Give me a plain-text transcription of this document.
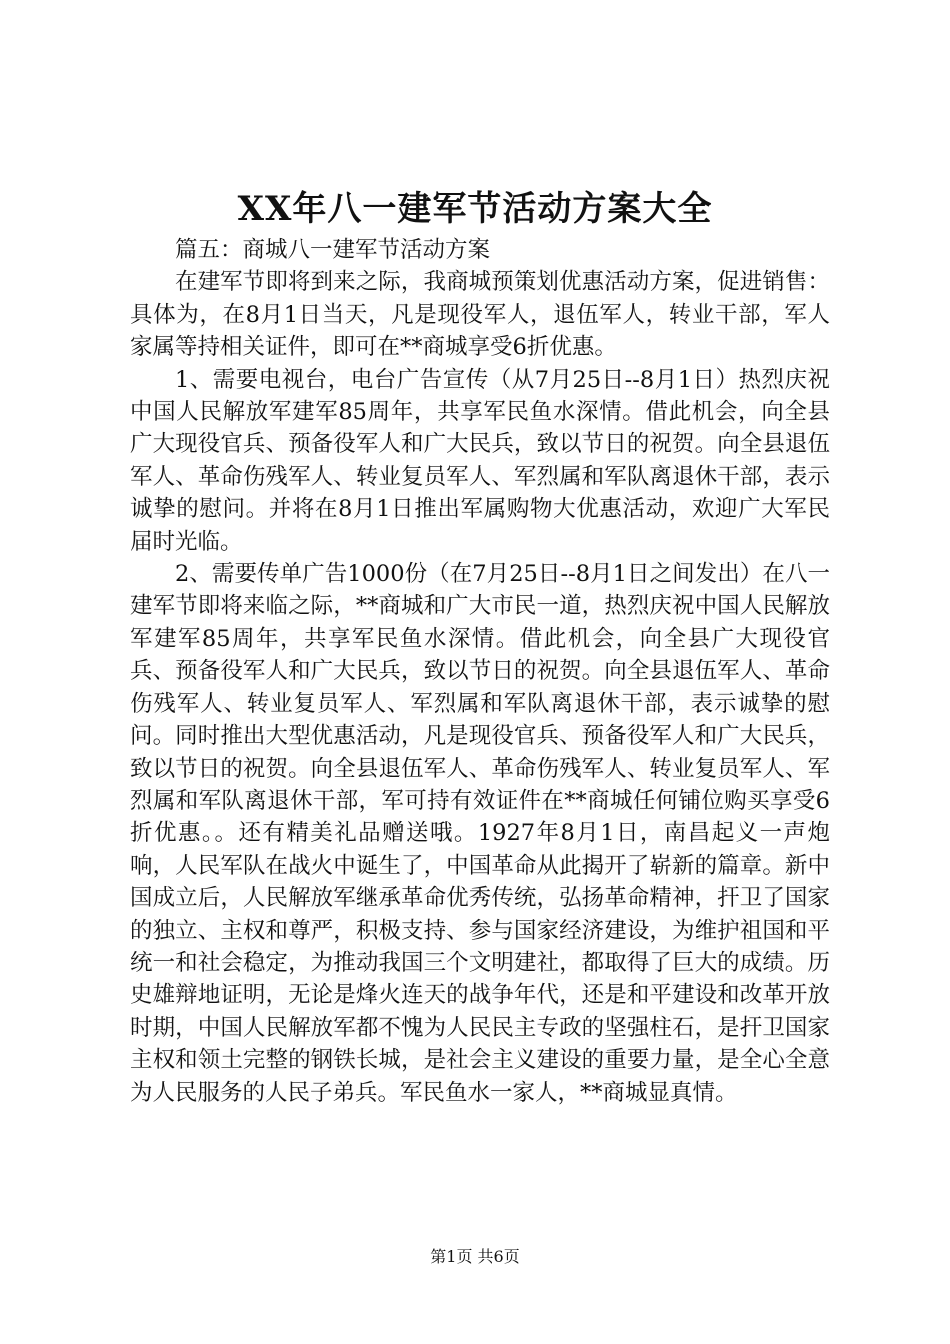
XX年八一建军节活动方案大全

篇五：商城八一建军节活动方案

在建军节即将到来之际，我商城预策划优惠活动方案，促进销售：具体为，在8月1日当天，凡是现役军人，退伍军人，转业干部，军人家属等持相关证件，即可在**商城享受6折优惠。

1、需要电视台，电台广告宣传（从7月25日--8月1日）热烈庆祝中国人民解放军建军85周年，共享军民鱼水深情。借此机会，向全县广大现役官兵、预备役军人和广大民兵，致以节日的祝贺。向全县退伍军人、革命伤残军人、转业复员军人、军烈属和军队离退休干部，表示诚挚的慰问。并将在8月1日推出军属购物大优惠活动，欢迎广大军民届时光临。

2、需要传单广告1000份（在7月25日--8月1日之间发出）在八一建军节即将来临之际，**商城和广大市民一道，热烈庆祝中国人民解放军建军85周年，共享军民鱼水深情。借此机会，向全县广大现役官兵、预备役军人和广大民兵，致以节日的祝贺。向全县退伍军人、革命伤残军人、转业复员军人、军烈属和军队离退休干部，表示诚挚的慰问。同时推出大型优惠活动，凡是现役官兵、预备役军人和广大民兵，致以节日的祝贺。向全县退伍军人、革命伤残军人、转业复员军人、军烈属和军队离退休干部，军可持有效证件在**商城任何铺位购买享受6折优惠。。还有精美礼品赠送哦。1927年8月1日，南昌起义一声炮响，人民军队在战火中诞生了，中国革命从此揭开了崭新的篇章。新中国成立后，人民解放军继承革命优秀传统，弘扬革命精神，扞卫了国家的独立、主权和尊严，积极支持、参与国家经济建设，为维护祖国和平统一和社会稳定，为推动我国三个文明建社，都取得了巨大的成绩。历史雄辩地证明，无论是烽火连天的战争年代，还是和平建设和改革开放时期，中国人民解放军都不愧为人民民主专政的坚强柱石，是扞卫国家主权和领土完整的钢铁长城，是社会主义建设的重要力量，是全心全意为人民服务的人民子弟兵。军民鱼水一家人，**商城显真情。

第1页 共6页
